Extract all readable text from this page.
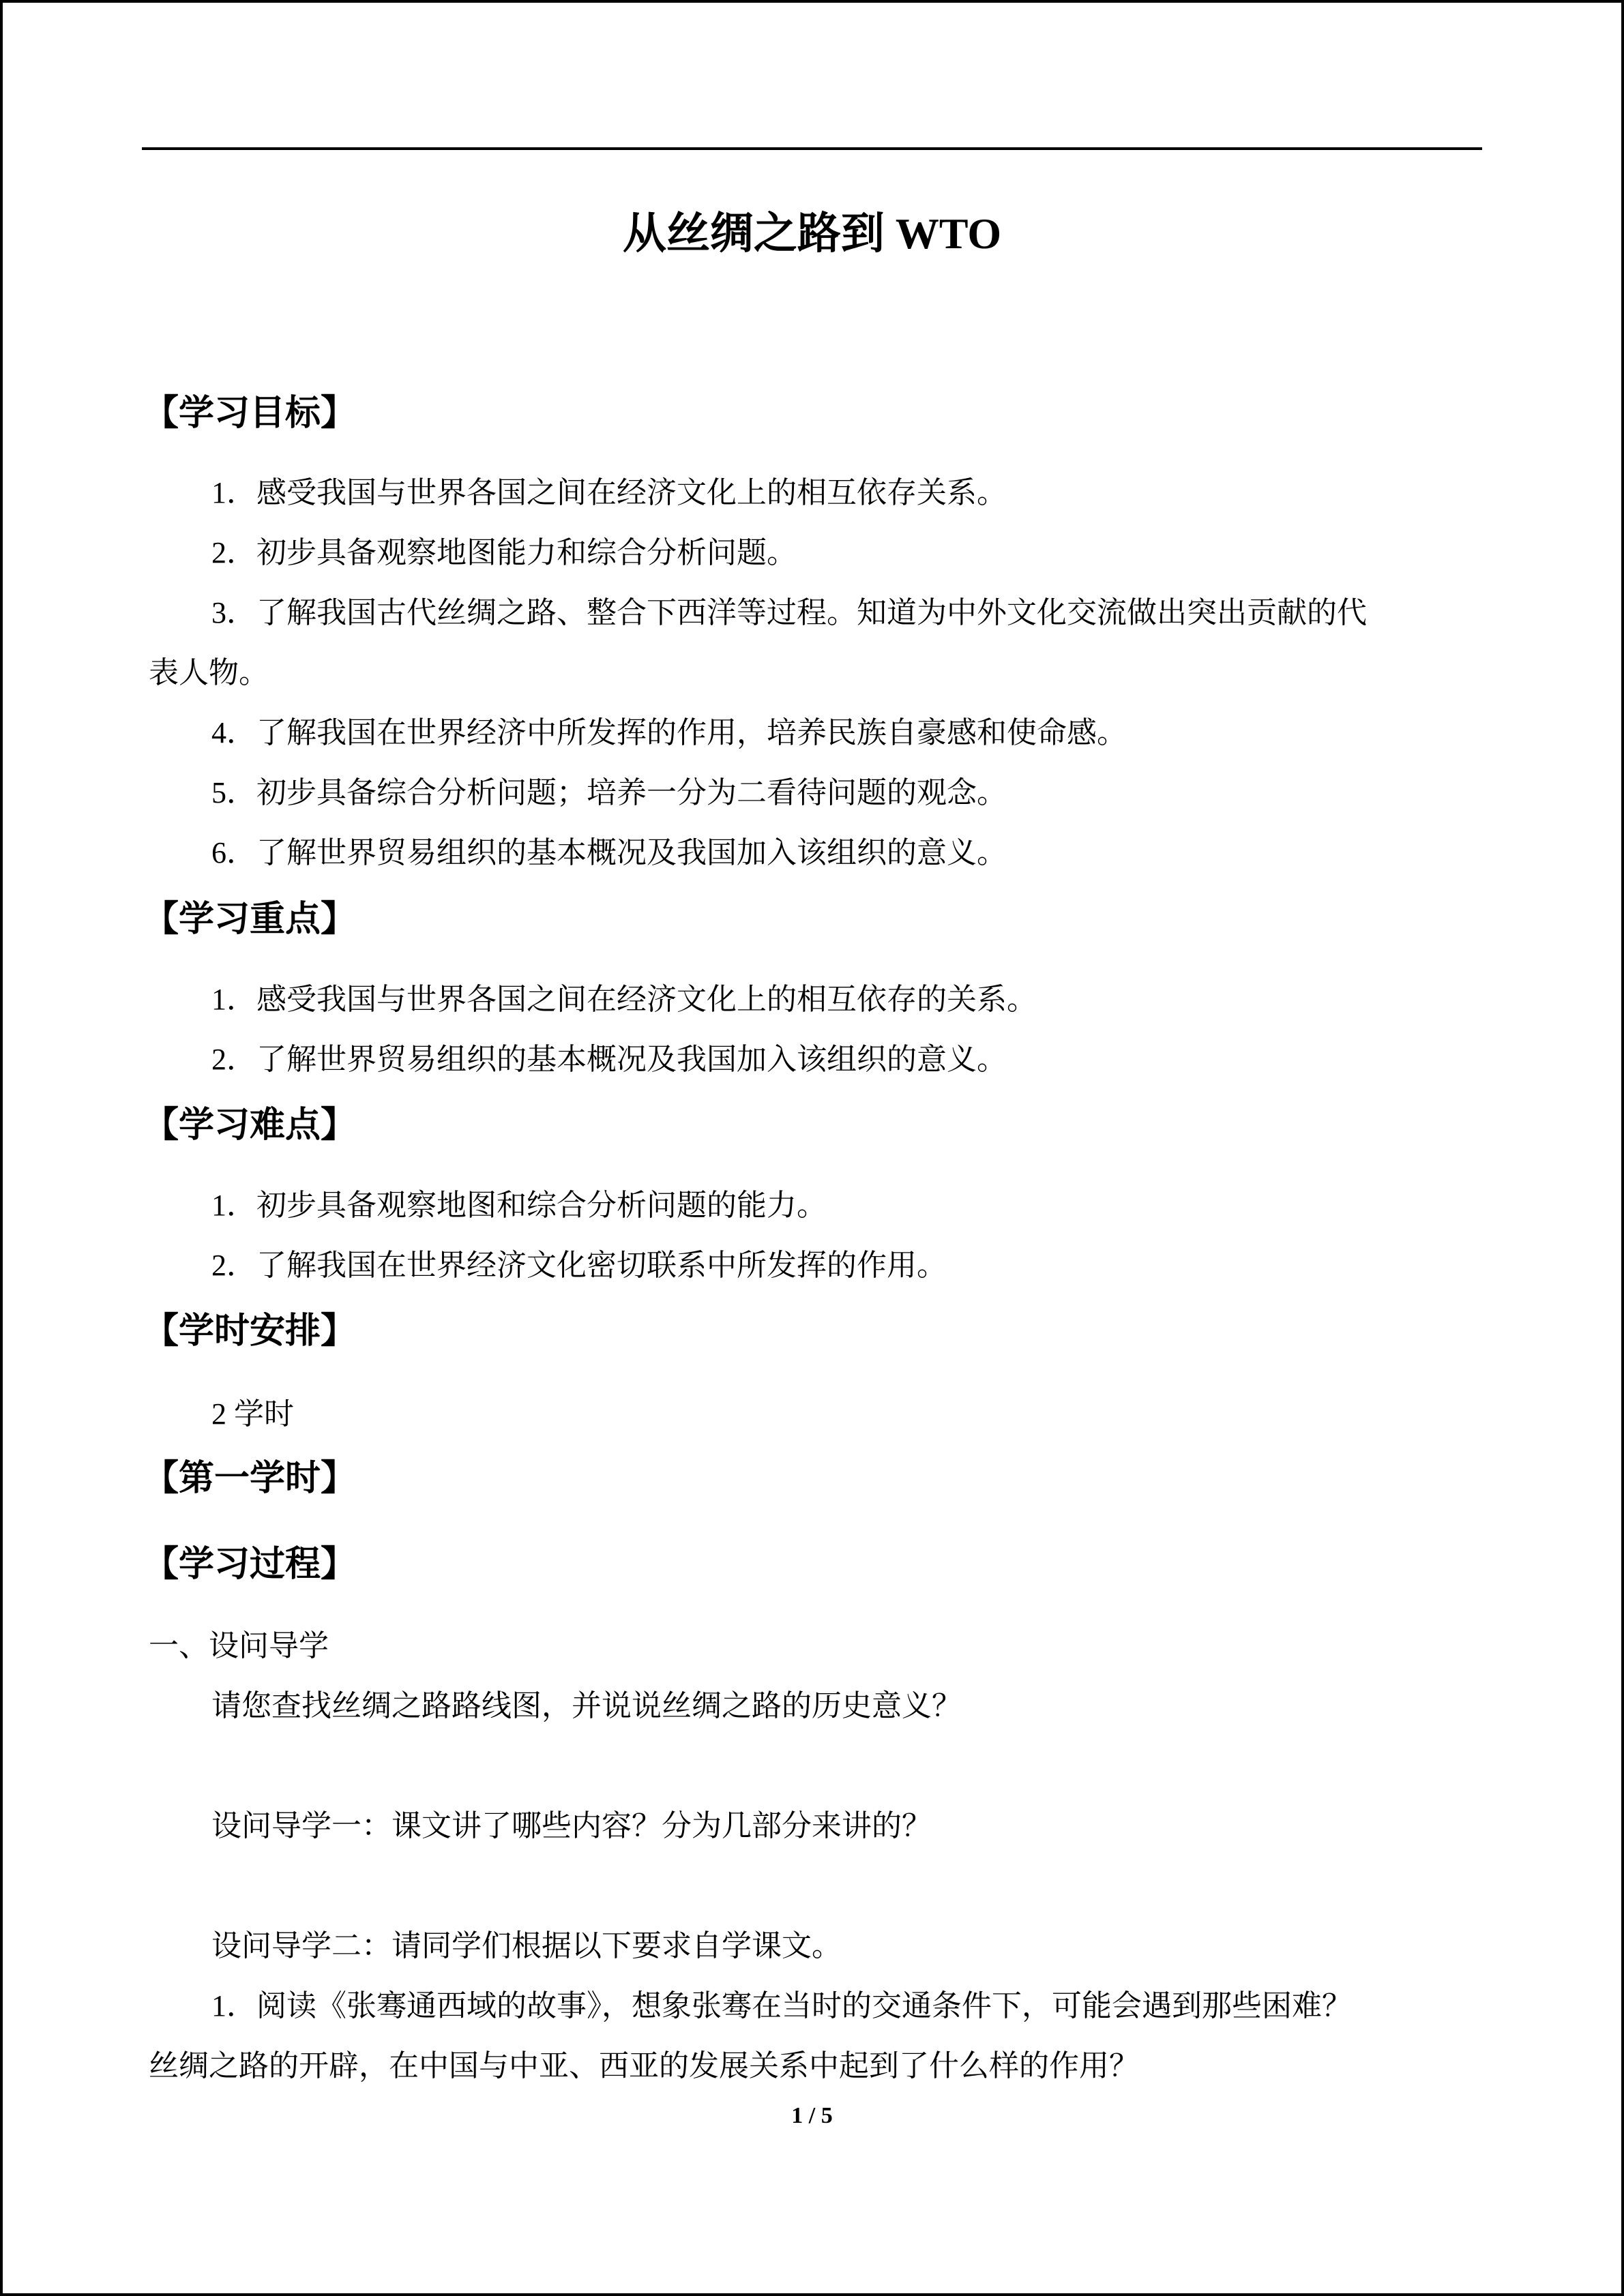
从丝绸之路到 WTO
【学习目标】
1．感受我国与世界各国之间在经济文化上的相互依存关系。
2．初步具备观察地图能力和综合分析问题。
3．了解我国古代丝绸之路、整合下西洋等过程。知道为中外文化交流做出突出贡献的代
表人物。
4．了解我国在世界经济中所发挥的作用，培养民族自豪感和使命感。
5．初步具备综合分析问题；培养一分为二看待问题的观念。
6．了解世界贸易组织的基本概况及我国加入该组织的意义。
【学习重点】
1．感受我国与世界各国之间在经济文化上的相互依存的关系。
2．了解世界贸易组织的基本概况及我国加入该组织的意义。
【学习难点】
1．初步具备观察地图和综合分析问题的能力。
2．了解我国在世界经济文化密切联系中所发挥的作用。
【学时安排】
2 学时
【第一学时】
【学习过程】
一、设问导学
请您查找丝绸之路路线图，并说说丝绸之路的历史意义？
设问导学一：课文讲了哪些内容？分为几部分来讲的？
设问导学二：请同学们根据以下要求自学课文。
1．阅读《张骞通西域的故事》，想象张骞在当时的交通条件下，可能会遇到那些困难？
丝绸之路的开辟，在中国与中亚、西亚的发展关系中起到了什么样的作用？
1 / 5
